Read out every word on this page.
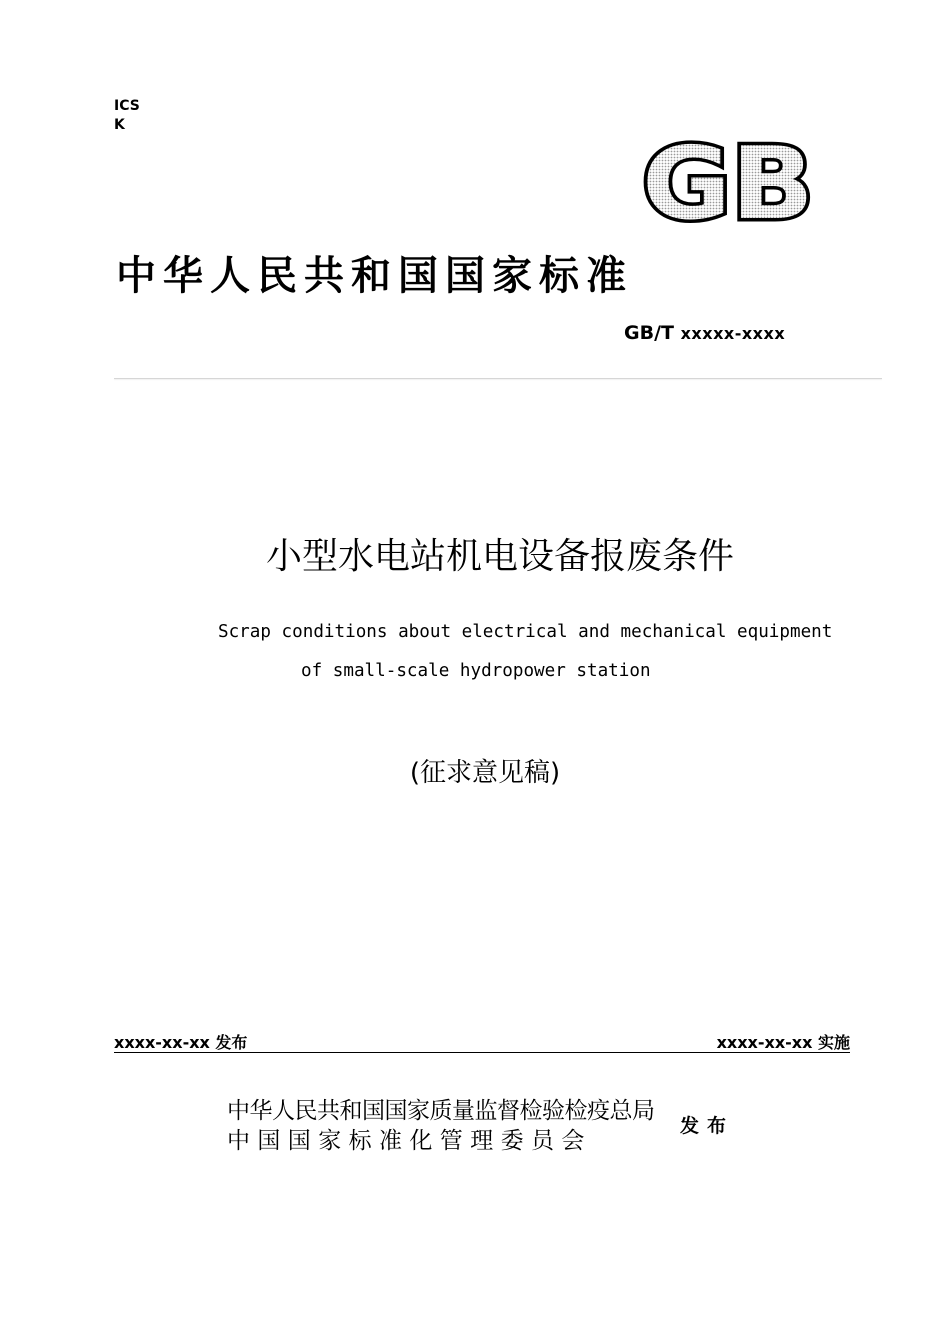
ICS
K	GB
中华人民共和国国家标准
GB/T xxxxx-xxxx
小型水电站机电设备报废条件
Scrap conditions about electrical and mechanical equipment
of small-scale hydropower station
(征求意见稿)
xxxx-xx-xx 发布	xxxx-xx-xx 实施
中华人民共和国国家质量监督检验检疫总局
中国国家标准化管理委员会
发布
